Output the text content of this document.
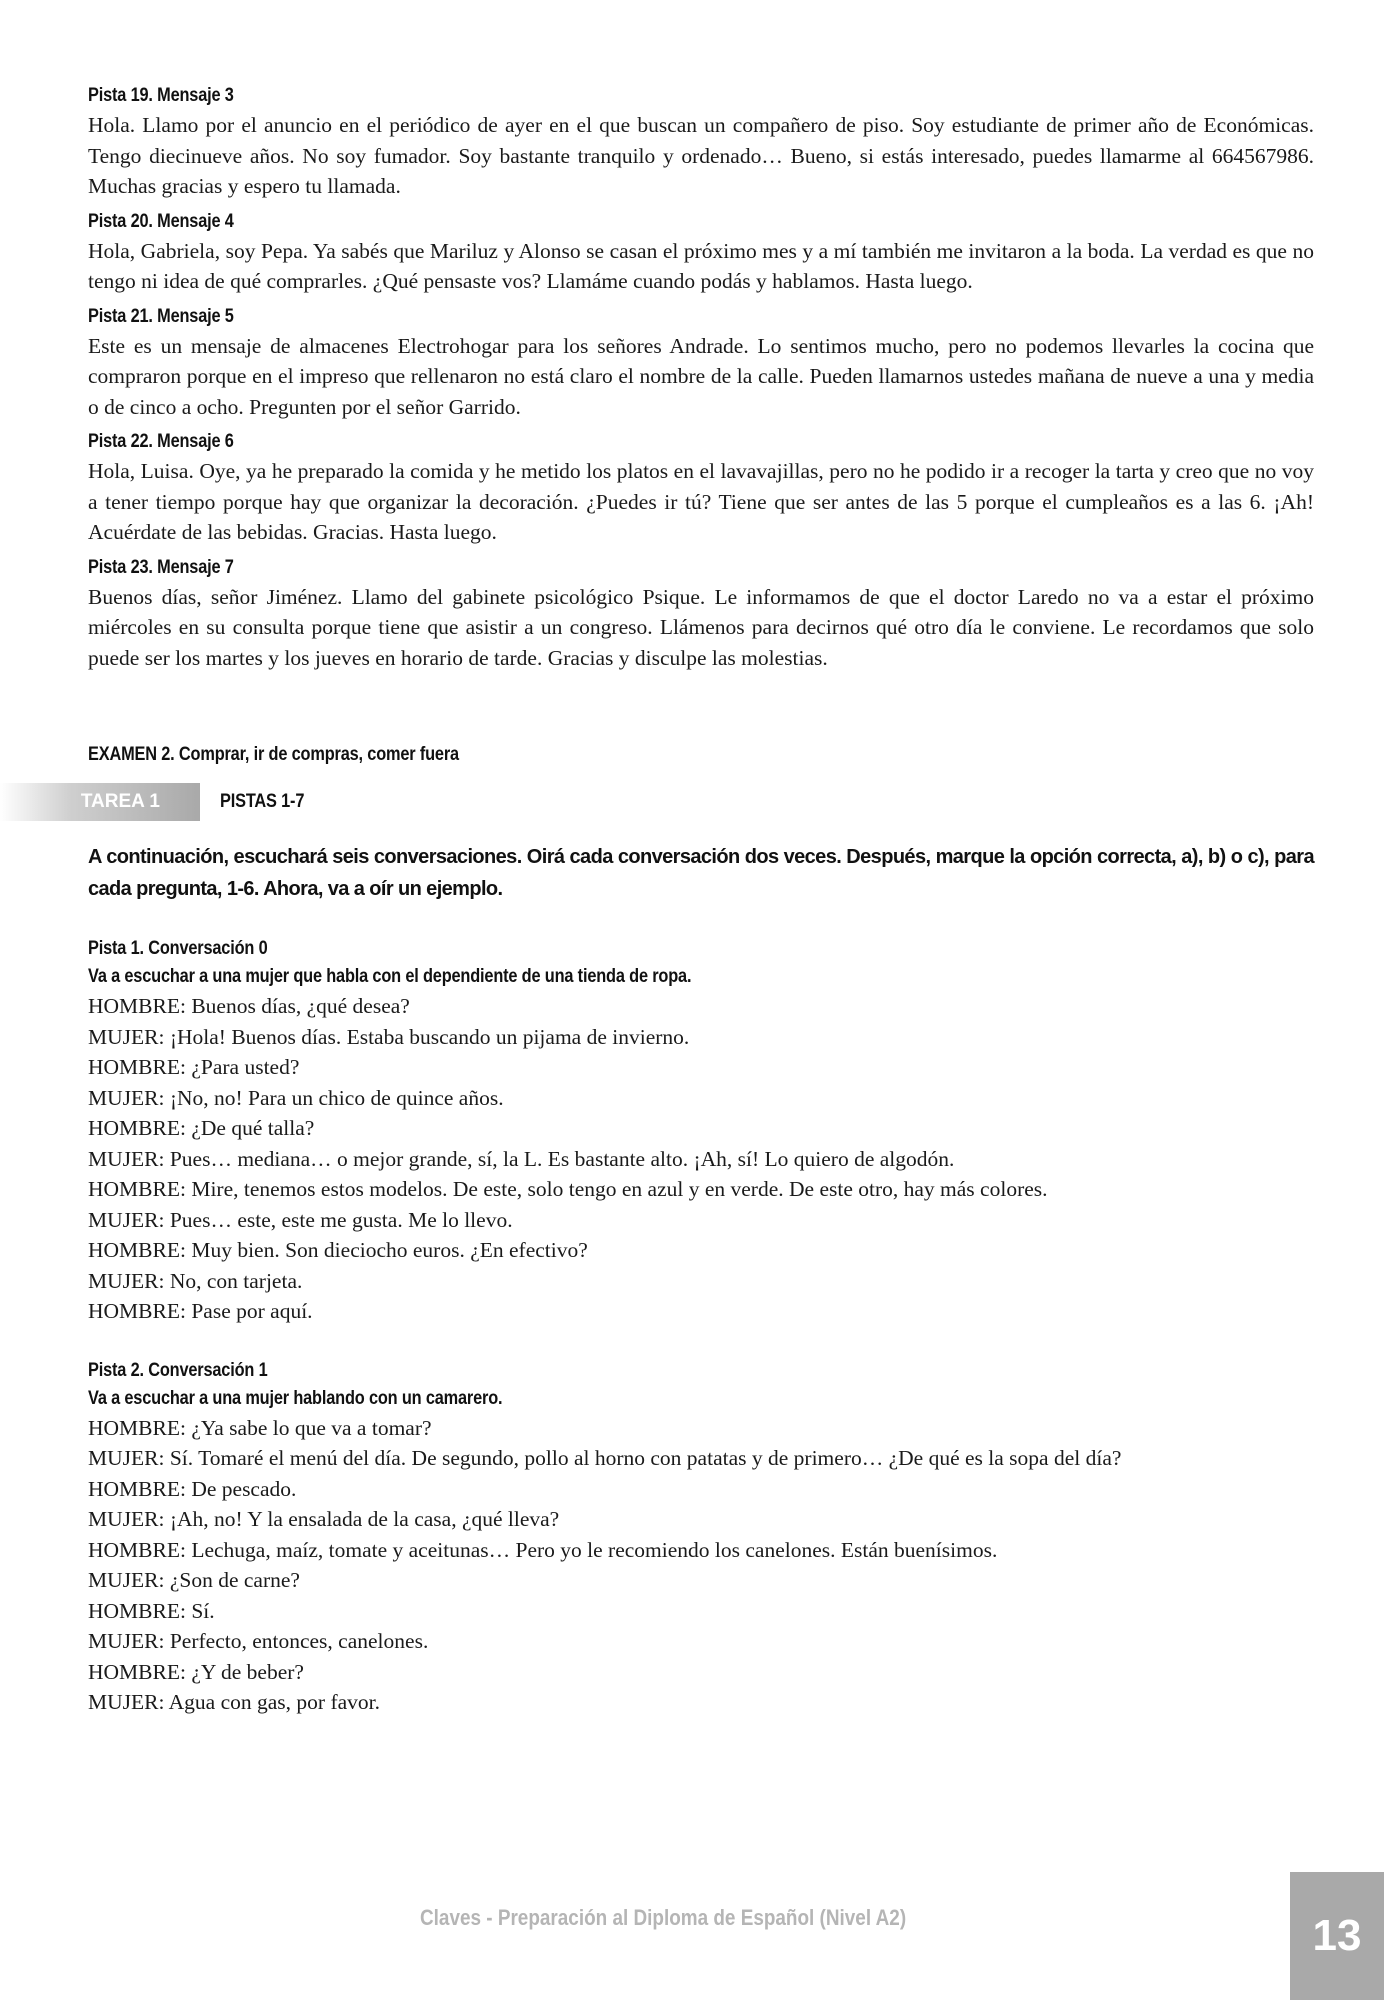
Pista 19. Mensaje 3

Hola. Llamo por el anuncio en el periódico de ayer en el que buscan un compañero de piso. Soy estudiante de primer año de Económicas. Tengo diecinueve años. No soy fumador. Soy bastante tranquilo y ordenado… Bueno, si estás interesado, puedes llamarme al 664567986. Muchas gracias y espero tu llamada.

Pista 20. Mensaje 4

Hola, Gabriela, soy Pepa. Ya sabés que Mariluz y Alonso se casan el próximo mes y a mí también me invitaron a la boda. La verdad es que no tengo ni idea de qué comprarles. ¿Qué pensaste vos? Llamáme cuando podás y hablamos. Hasta luego.

Pista 21. Mensaje 5

Este es un mensaje de almacenes Electrohogar para los señores Andrade. Lo sentimos mucho, pero no podemos llevarles la cocina que compraron porque en el impreso que rellenaron no está claro el nombre de la calle. Pueden llamarnos ustedes mañana de nueve a una y media o de cinco a ocho. Pregunten por el señor Garrido.

Pista 22. Mensaje 6

Hola, Luisa. Oye, ya he preparado la comida y he metido los platos en el lavavajillas, pero no he podido ir a recoger la tarta y creo que no voy a tener tiempo porque hay que organizar la decoración. ¿Puedes ir tú? Tiene que ser antes de las 5 porque el cumpleaños es a las 6. ¡Ah! Acuérdate de las bebidas. Gracias. Hasta luego.

Pista 23. Mensaje 7

Buenos días, señor Jiménez. Llamo del gabinete psicológico Psique. Le informamos de que el doctor Laredo no va a estar el próximo miércoles en su consulta porque tiene que asistir a un congreso. Llámenos para decirnos qué otro día le conviene. Le recordamos que solo puede ser los martes y los jueves en horario de tarde. Gracias y disculpe las molestias.

EXAMEN 2. Comprar, ir de compras, comer fuera
TAREA 1	PISTAS 1-7
A continuación, escuchará seis conversaciones. Oirá cada conversación dos veces. Después, marque la opción correcta, a), b) o c), para cada pregunta, 1-6. Ahora, va a oír un ejemplo.
Pista 1. Conversación 0
Va a escuchar a una mujer que habla con el dependiente de una tienda de ropa.
HOMBRE: Buenos días, ¿qué desea?
MUJER: ¡Hola! Buenos días. Estaba buscando un pijama de invierno.
HOMBRE: ¿Para usted?
MUJER: ¡No, no! Para un chico de quince años.
HOMBRE: ¿De qué talla?
MUJER: Pues… mediana… o mejor grande, sí, la L. Es bastante alto. ¡Ah, sí! Lo quiero de algodón.
HOMBRE: Mire, tenemos estos modelos. De este, solo tengo en azul y en verde. De este otro, hay más colores.
MUJER: Pues… este, este me gusta. Me lo llevo.
HOMBRE: Muy bien. Son dieciocho euros. ¿En efectivo?
MUJER: No, con tarjeta.
HOMBRE: Pase por aquí.
Pista 2. Conversación 1
Va a escuchar a una mujer hablando con un camarero.
HOMBRE: ¿Ya sabe lo que va a tomar?
MUJER: Sí. Tomaré el menú del día. De segundo, pollo al horno con patatas y de primero… ¿De qué es la sopa del día?
HOMBRE: De pescado.
MUJER: ¡Ah, no! Y la ensalada de la casa, ¿qué lleva?
HOMBRE: Lechuga, maíz, tomate y aceitunas… Pero yo le recomiendo los canelones. Están buenísimos.
MUJER: ¿Son de carne?
HOMBRE: Sí.
MUJER: Perfecto, entonces, canelones.
HOMBRE: ¿Y de beber?
MUJER: Agua con gas, por favor.
Claves - Preparación al Diploma de Español (Nivel A2)	13
